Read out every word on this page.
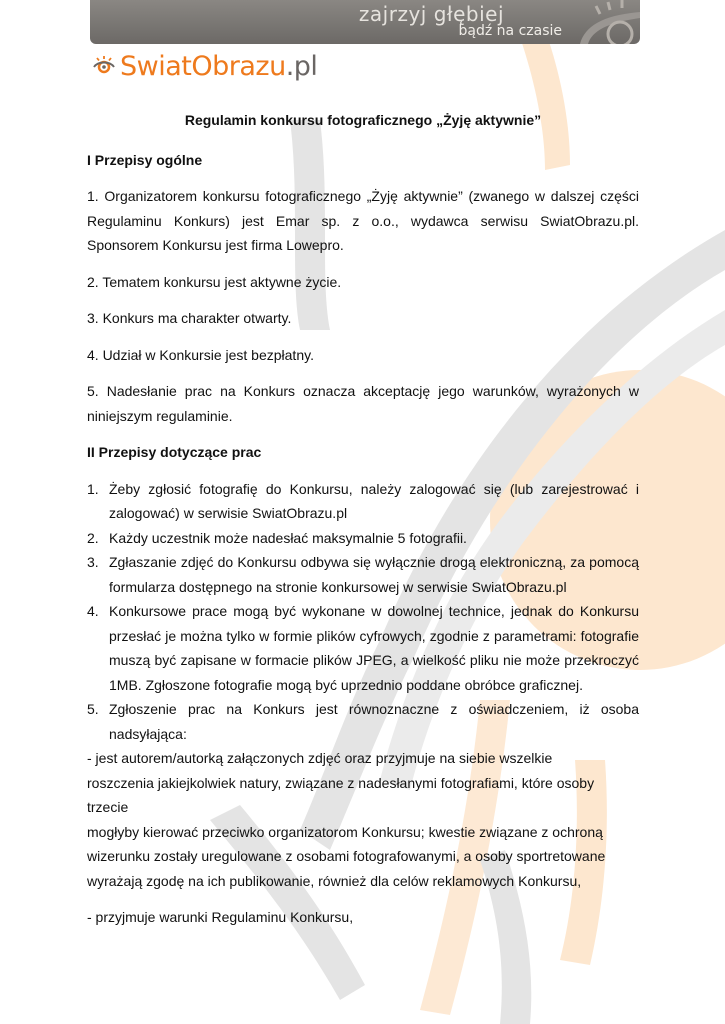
zajrzyj głębiej
bądź na czasie
SwiatObrazu.pl

Regulamin konkursu fotograficznego „Żyję aktywnie”

I Przepisy ogólne

1. Organizatorem konkursu fotograficznego „Żyję aktywnie” (zwanego w dalszej części Regulaminu Konkurs) jest Emar sp. z o.o., wydawca serwisu SwiatObrazu.pl. Sponsorem Konkursu jest firma Lowepro.

2. Tematem konkursu jest aktywne życie.

3. Konkurs ma charakter otwarty.

4. Udział w Konkursie jest bezpłatny.

5. Nadesłanie prac na Konkurs oznacza akceptację jego warunków, wyrażonych w niniejszym regulaminie.

II Przepisy dotyczące prac

1. Żeby zgłosić fotografię do Konkursu, należy zalogować się (lub zarejestrować i zalogować) w serwisie SwiatObrazu.pl
2. Każdy uczestnik może nadesłać maksymalnie 5 fotografii.
3. Zgłaszanie zdjęć do Konkursu odbywa się wyłącznie drogą elektroniczną, za pomocą formularza dostępnego na stronie konkursowej w serwisie SwiatObrazu.pl
4. Konkursowe prace mogą być wykonane w dowolnej technice, jednak do Konkursu przesłać je można tylko w formie plików cyfrowych, zgodnie z parametrami: fotografie muszą być zapisane w formacie plików JPEG, a wielkość pliku nie może przekroczyć 1MB. Zgłoszone fotografie mogą być uprzednio poddane obróbce graficznej.
5. Zgłoszenie prac na Konkurs jest równoznaczne z oświadczeniem, iż osoba nadsyłająca:

- jest autorem/autorką załączonych zdjęć oraz przyjmuje na siebie wszelkie

roszczenia jakiejkolwiek natury, związane z nadesłanymi fotografiami, które osoby trzecie

mogłyby kierować przeciwko organizatorom Konkursu; kwestie związane z ochroną

wizerunku zostały uregulowane z osobami fotografowanymi, a osoby sportretowane

wyrażają zgodę na ich publikowanie, również dla celów reklamowych Konkursu,

- przyjmuje warunki Regulaminu Konkursu,
